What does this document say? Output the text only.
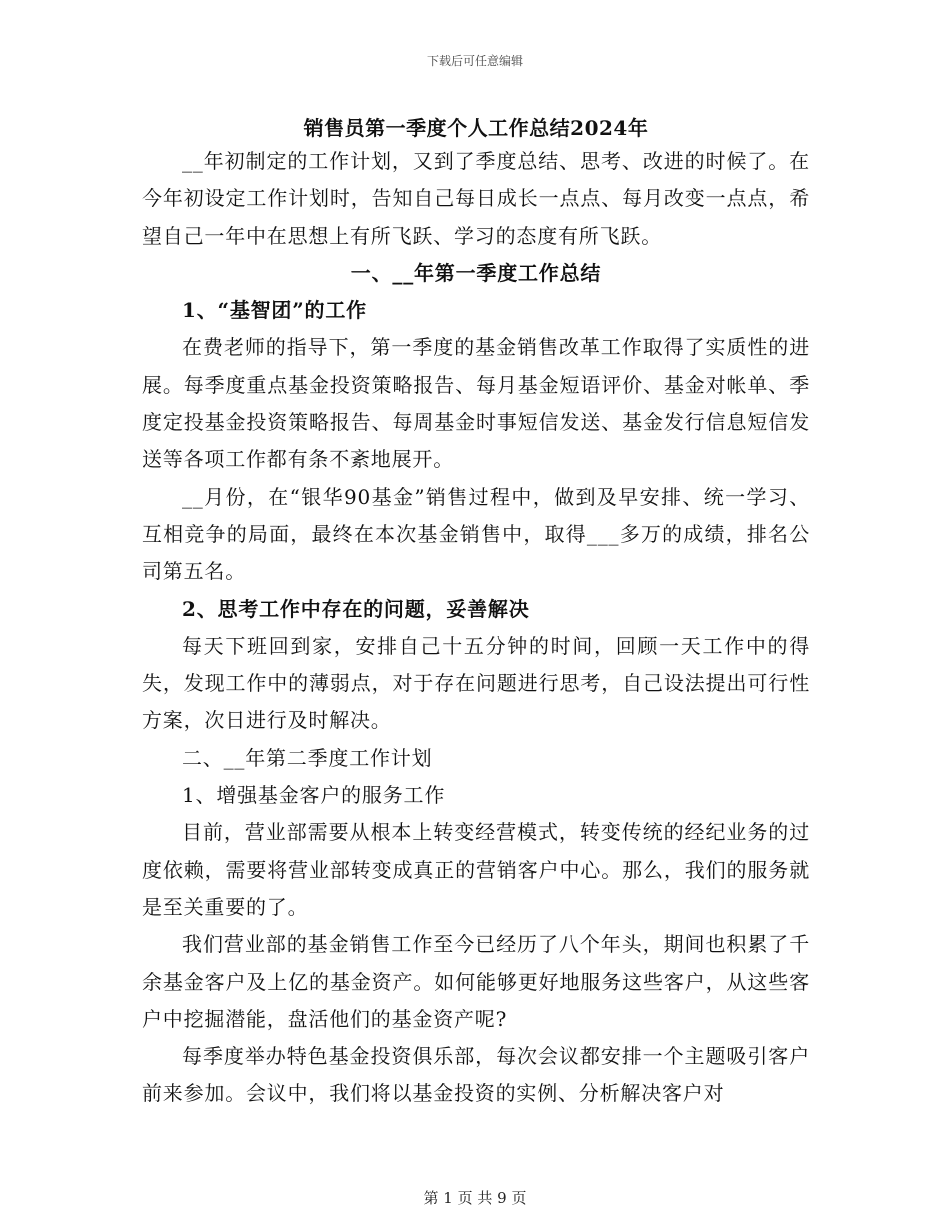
下载后可任意编辑
销售员第一季度个人工作总结2024年

__年初制定的工作计划，又到了季度总结、思考、改进的时候了。在今年初设定工作计划时，告知自己每日成长一点点、每月改变一点点，希望自己一年中在思想上有所飞跃、学习的态度有所飞跃。

一、__年第一季度工作总结

1、“基智团”的工作

在费老师的指导下，第一季度的基金销售改革工作取得了实质性的进展。每季度重点基金投资策略报告、每月基金短语评价、基金对帐单、季度定投基金投资策略报告、每周基金时事短信发送、基金发行信息短信发送等各项工作都有条不紊地展开。

__月份，在“银华90基金”销售过程中，做到及早安排、统一学习、互相竞争的局面，最终在本次基金销售中，取得___多万的成绩，排名公司第五名。

2、思考工作中存在的问题，妥善解决

每天下班回到家，安排自己十五分钟的时间，回顾一天工作中的得失，发现工作中的薄弱点，对于存在问题进行思考，自己设法提出可行性方案，次日进行及时解决。

二、__年第二季度工作计划

1、增强基金客户的服务工作

目前，营业部需要从根本上转变经营模式，转变传统的经纪业务的过度依赖，需要将营业部转变成真正的营销客户中心。那么，我们的服务就是至关重要的了。

我们营业部的基金销售工作至今已经历了八个年头，期间也积累了千余基金客户及上亿的基金资产。如何能够更好地服务这些客户，从这些客户中挖掘潜能，盘活他们的基金资产呢?

每季度举办特色基金投资俱乐部，每次会议都安排一个主题吸引客户前来参加。会议中，我们将以基金投资的实例、分析解决客户对

第 1 页 共 9 页
